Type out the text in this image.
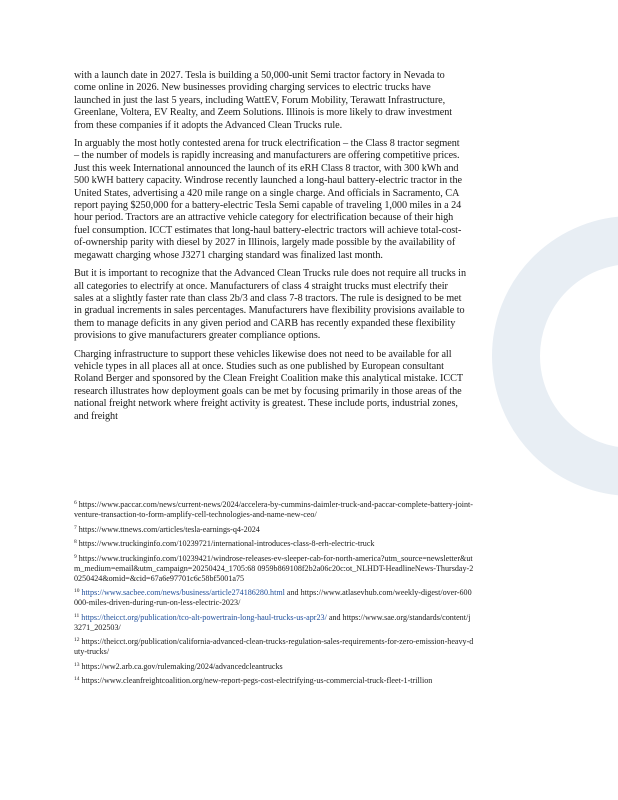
with a launch date in 2027. Tesla is building a 50,000-unit Semi tractor factory in Nevada to come online in 2026. New businesses providing charging services to electric trucks have launched in just the last 5 years, including WattEV, Forum Mobility, Terawatt Infrastructure, Greenlane, Voltera, EV Realty, and Zeem Solutions. Illinois is more likely to draw investment from these companies if it adopts the Advanced Clean Trucks rule.

In arguably the most hotly contested arena for truck electrification – the Class 8 tractor segment – the number of models is rapidly increasing and manufacturers are offering competitive prices. Just this week International announced the launch of its eRH Class 8 tractor, with 300 kWh and 500 kWH battery capacity. Windrose recently launched a long-haul battery-electric tractor in the United States, advertising a 420 mile range on a single charge. And officials in Sacramento, CA report paying $250,000 for a battery-electric Tesla Semi capable of traveling 1,000 miles in a 24 hour period. Tractors are an attractive vehicle category for electrification because of their high fuel consumption. ICCT estimates that long-haul battery-electric tractors will achieve total-cost-of-ownership parity with diesel by 2027 in Illinois, largely made possible by the availability of megawatt charging whose J3271 charging standard was finalized last month.

But it is important to recognize that the Advanced Clean Trucks rule does not require all trucks in all categories to electrify at once. Manufacturers of class 4 straight trucks must electrify their sales at a slightly faster rate than class 2b/3 and class 7-8 tractors. The rule is designed to be met in gradual increments in sales percentages. Manufacturers have flexibility provisions available to them to manage deficits in any given period and CARB has recently expanded these flexibility provisions to give manufacturers greater compliance options.

Charging infrastructure to support these vehicles likewise does not need to be available for all vehicle types in all places all at once. Studies such as one published by European consultant Roland Berger and sponsored by the Clean Freight Coalition make this analytical mistake. ICCT research illustrates how deployment goals can be met by focusing primarily in those areas of the national freight network where freight activity is greatest. These include ports, industrial zones, and freight

$^6$ https://www.paccar.com/news/current-news/2024/accelera-by-cummins-daimler-truck-and-paccar-complete-battery-joint-venture-transaction-to-form-amplify-cell-technologies-and-name-new-ceo/

$^7$ https://www.ttnews.com/articles/tesla-earnings-q4-2024

$^8$ https://www.truckinginfo.com/10239721/international-introduces-class-8-erh-electric-truck

$^9$ https://www.truckinginfo.com/10239421/windrose-releases-ev-sleeper-cab-for-north-america?utm_source=newsletter&utm_medium=email&utm_campaign=20250424_1705:68 0959b869108f2b2a06c20c:ot_NLHDT-HeadlineNews-Thursday-20250424&omid=&cid=67a6e97701c6c58bf5001a75

$^{10}$ https://www.sacbee.com/news/business/article274186280.html and https://www.atlasevhub.com/weekly-digest/over-600000-miles-driven-during-run-on-less-electric-2023/

$^{11}$ https://theicct.org/publication/tco-alt-powertrain-long-haul-trucks-us-apr23/ and https://www.sae.org/standards/content/j3271_202503/

$^{12}$ https://theicct.org/publication/california-advanced-clean-trucks-regulation-sales-requirements-for-zero-emission-heavy-duty-trucks/

$^{13}$ https://ww2.arb.ca.gov/rulemaking/2024/advancedcleantrucks

$^{14}$ https://www.cleanfreightcoalition.org/new-report-pegs-cost-electrifying-us-commercial-truck-fleet-1-trillion
